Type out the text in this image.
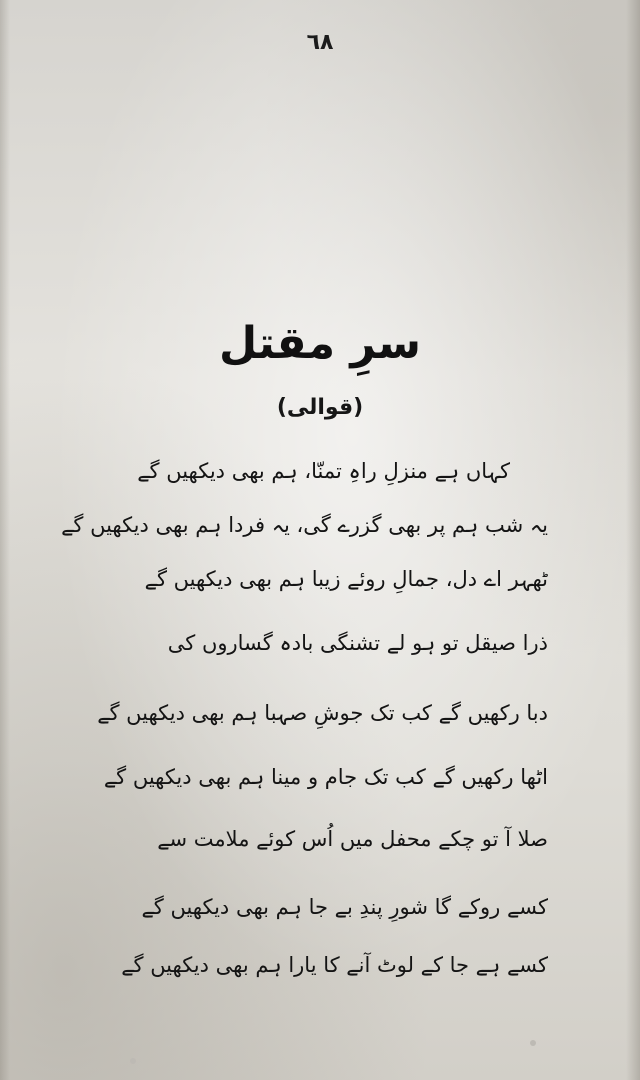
٦٨
سرِ مقتل
(قوالی)
کہاں ہے منزلِ راہِ تمنّا، ہم بھی دیکھیں گے
یہ شب ہم پر بھی گزرے گی، یہ فردا ہم بھی دیکھیں گے
ٹھہر اے دل، جمالِ روئے زیبا ہم بھی دیکھیں گے
ذرا صیقل تو ہو لے تشنگی بادہ گساروں کی
دبا رکھیں گے کب تک جوشِ صہبا ہم بھی دیکھیں گے
اٹھا رکھیں گے کب تک جام و مینا ہم بھی دیکھیں گے
صلا آ تو چکے محفل میں اُس کوئے ملامت سے
کسے روکے گا شورِ پندِ بے جا ہم بھی دیکھیں گے
کسے ہے جا کے لوٹ آنے کا یارا ہم بھی دیکھیں گے
